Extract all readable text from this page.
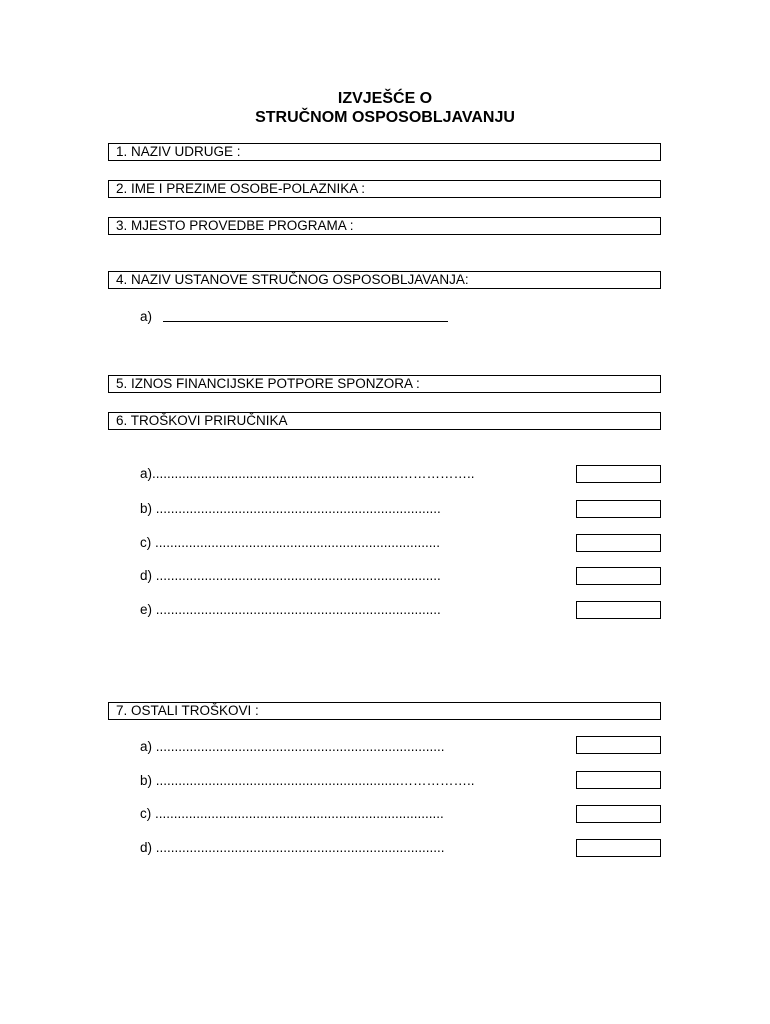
IZVJEŠĆE O
STRUČNOM OSPOSOBLJAVANJU
1. NAZIV UDRUGE :
2. IME I PREZIME OSOBE-POLAZNIKA :
3. MJESTO PROVEDBE PROGRAMA :
4. NAZIV USTANOVE STRUČNOG OSPOSOBLJAVANJA:
a)
5. IZNOS FINANCIJSKE POTPORE SPONZORA :
6. TROŠKOVI PRIRUČNIKA
a)..................................................................……………..
b) ............................................................................
c) ............................................................................
d) ............................................................................
e) ............................................................................
7. OSTALI TROŠKOVI :
a) .............................................................................
b) .................................................................……………..
c) .............................................................................
d) .............................................................................
